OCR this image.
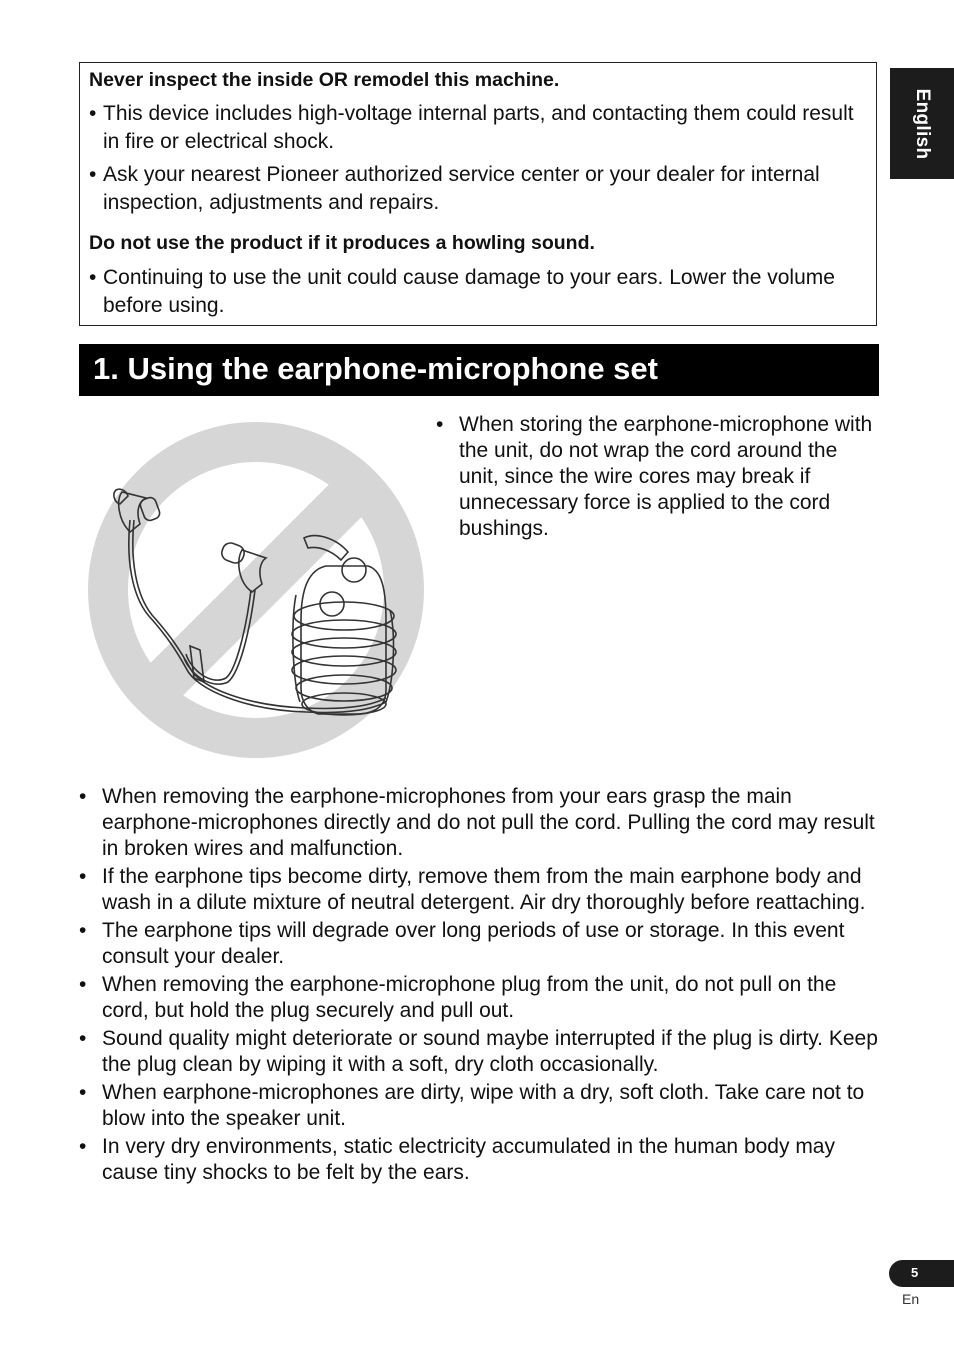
Never inspect the inside OR remodel this machine.
• This device includes high-voltage internal parts, and contacting them could result in fire or electrical shock.
• Ask your nearest Pioneer authorized service center or your dealer for internal inspection, adjustments and repairs.
Do not use the product if it produces a howling sound.
• Continuing to use the unit could cause damage to your ears. Lower the volume before using.
English
1. Using the earphone-microphone set
• When storing the earphone-microphone with the unit, do not wrap the cord around the unit, since the wire cores may break if unnecessary force is applied to the cord bushings.
• When removing the earphone-microphones from your ears grasp the main earphone-microphones directly and do not pull the cord. Pulling the cord may result in broken wires and malfunction.
• If the earphone tips become dirty, remove them from the main earphone body and wash in a dilute mixture of neutral detergent. Air dry thoroughly before reattaching.
• The earphone tips will degrade over long periods of use or storage. In this event consult your dealer.
• When removing the earphone-microphone plug from the unit, do not pull on the cord, but hold the plug securely and pull out.
• Sound quality might deteriorate or sound maybe interrupted if the plug is dirty. Keep the plug clean by wiping it with a soft, dry cloth occasionally.
• When earphone-microphones are dirty, wipe with a dry, soft cloth. Take care not to blow into the speaker unit.
• In very dry environments, static electricity accumulated in the human body may cause tiny shocks to be felt by the ears.
5
En
